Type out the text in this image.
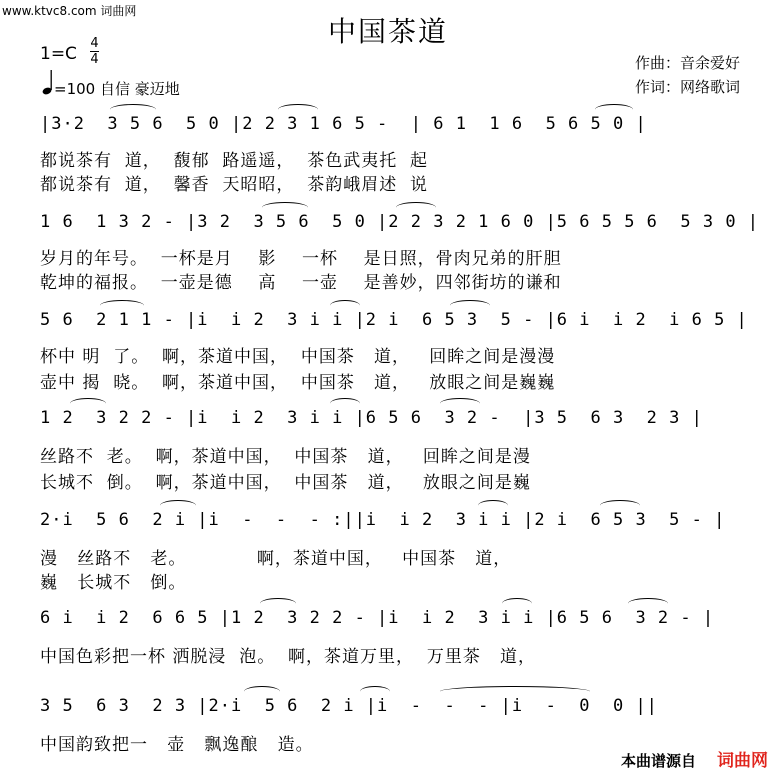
www.ktvc8.com 词曲网
中国茶道
1=C
4
4
=100 自信 豪迈地
作曲：音余爱好
作词：网络歌词
|3·2  3 5 6  5 0 |2 2 3 1 6 5 -  | 6 1  1 6  5 6 5 0 |
都说茶有  道，  馥郁  路遥遥，  茶色武夷托  起
都说茶有  道，  馨香  天昭昭，  茶韵峨眉述  说
1 6  1 3 2 - |3 2  3 5 6  5 0 |2 2 3 2 1 6 0 |5 6 5 5 6  5 3 0 |
岁月的年号。  一杯是月    影    一杯    是日照，骨肉兄弟的肝胆
乾坤的福报。  一壶是德    高    一壶    是善妙，四邻街坊的谦和
5 6  2 1 1 - |i  i 2  3 i i |2 i  6 5 3  5 - |6 i  i 2  i 6 5 |
杯中 明  了。  啊，茶道中国，  中国茶   道，   回眸之间是漫漫
壶中 揭  晓。  啊，茶道中国，  中国茶   道，   放眼之间是巍巍
1 2  3 2 2 - |i  i 2  3 i i |6 5 6  3 2 -  |3 5  6 3  2 3 |
丝路不  老。  啊，茶道中国，  中国茶   道，   回眸之间是漫
长城不  倒。  啊，茶道中国，  中国茶   道，   放眼之间是巍
2·i  5 6  2 i |i  -  -  - :||i  i 2  3 i i |2 i  6 5 3  5 - |
漫   丝路不   老。           啊，茶道中国，   中国茶   道，
巍   长城不   倒。
6 i  i 2  6 6 5 |1 2  3 2 2 - |i  i 2  3 i i |6 5 6  3 2 - |
中国色彩把一杯 洒脱浸  泡。  啊，茶道万里，  万里茶   道，
3 5  6 3  2 3 |2·i  5 6  2 i |i  -  -  - |i  -  0  0 ||
中国韵致把一   壶   飘逸酿   造。
本曲谱源自 词曲网
